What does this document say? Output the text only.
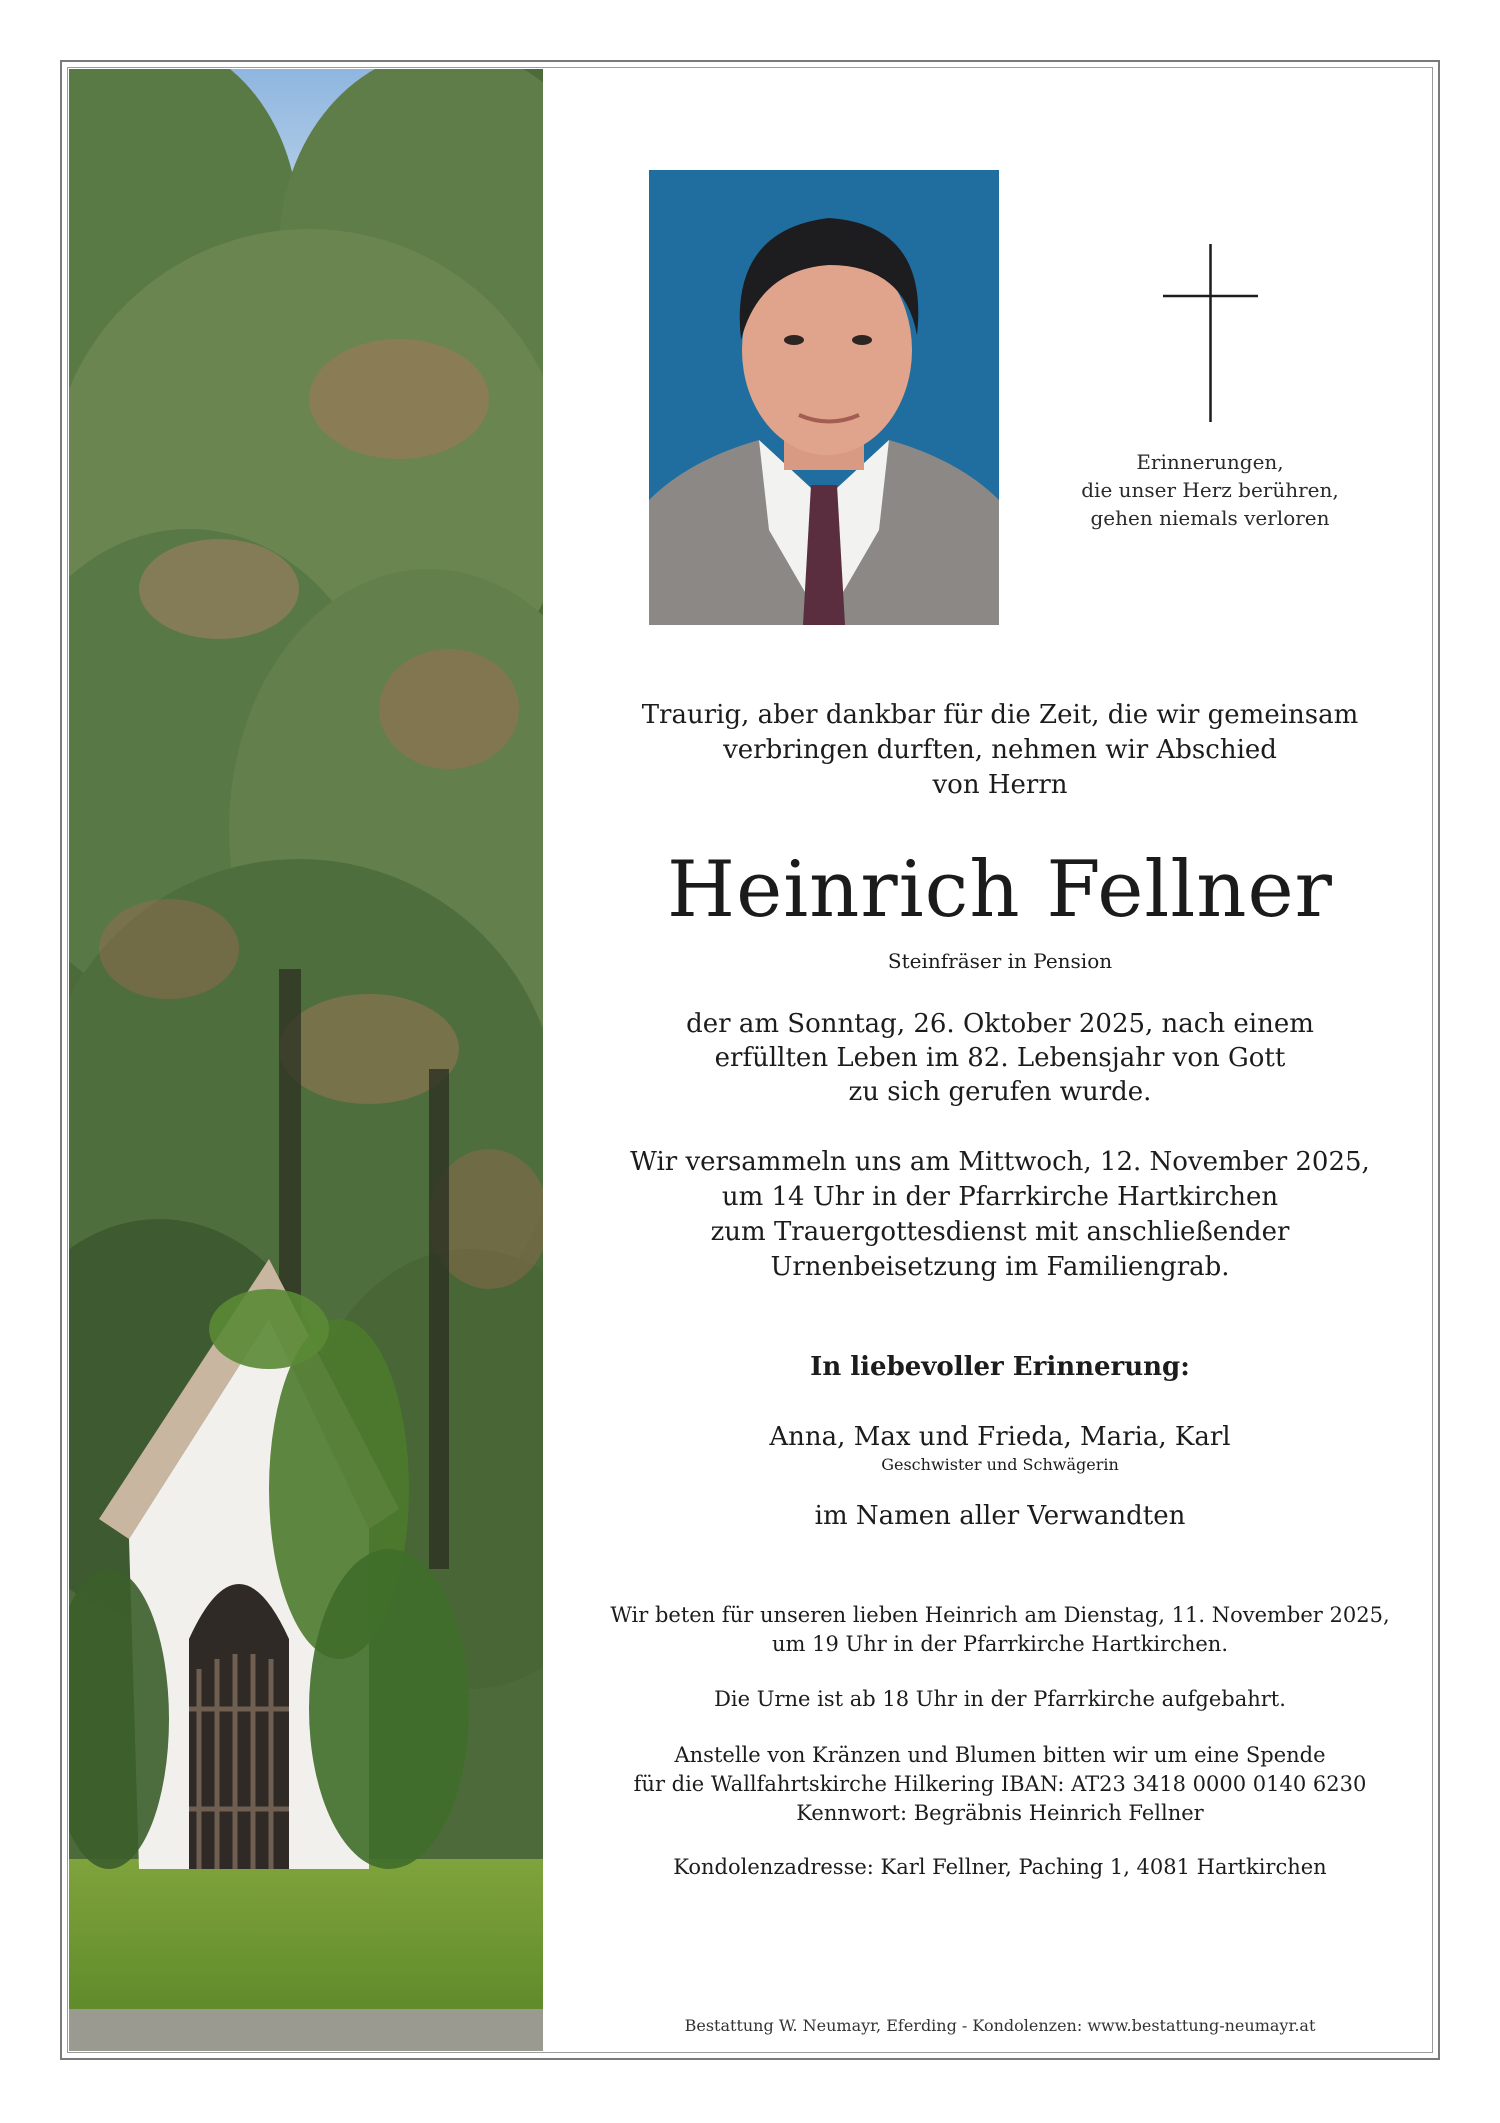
Erinnerungen,
die unser Herz berühren,
gehen niemals verloren
Traurig, aber dankbar für die Zeit, die wir gemeinsam
verbringen durften, nehmen wir Abschied
von Herrn
Heinrich Fellner
Steinfräser in Pension
der am Sonntag, 26. Oktober 2025, nach einem
erfüllten Leben im 82. Lebensjahr von Gott
zu sich gerufen wurde.
Wir versammeln uns am Mittwoch, 12. November 2025,
um 14 Uhr in der Pfarrkirche Hartkirchen
zum Trauergottesdienst mit anschließender
Urnenbeisetzung im Familiengrab.
In liebevoller Erinnerung:
Anna, Max und Frieda, Maria, Karl
Geschwister und Schwägerin
im Namen aller Verwandten
Wir beten für unseren lieben Heinrich am Dienstag, 11. November 2025,
um 19 Uhr in der Pfarrkirche Hartkirchen.
Die Urne ist ab 18 Uhr in der Pfarrkirche aufgebahrt.
Anstelle von Kränzen und Blumen bitten wir um eine Spende
für die Wallfahrtskirche Hilkering IBAN: AT23 3418 0000 0140 6230
Kennwort: Begräbnis Heinrich Fellner
Kondolenzadresse: Karl Fellner, Paching 1, 4081 Hartkirchen
Bestattung W. Neumayr, Eferding - Kondolenzen: www.bestattung-neumayr.at
